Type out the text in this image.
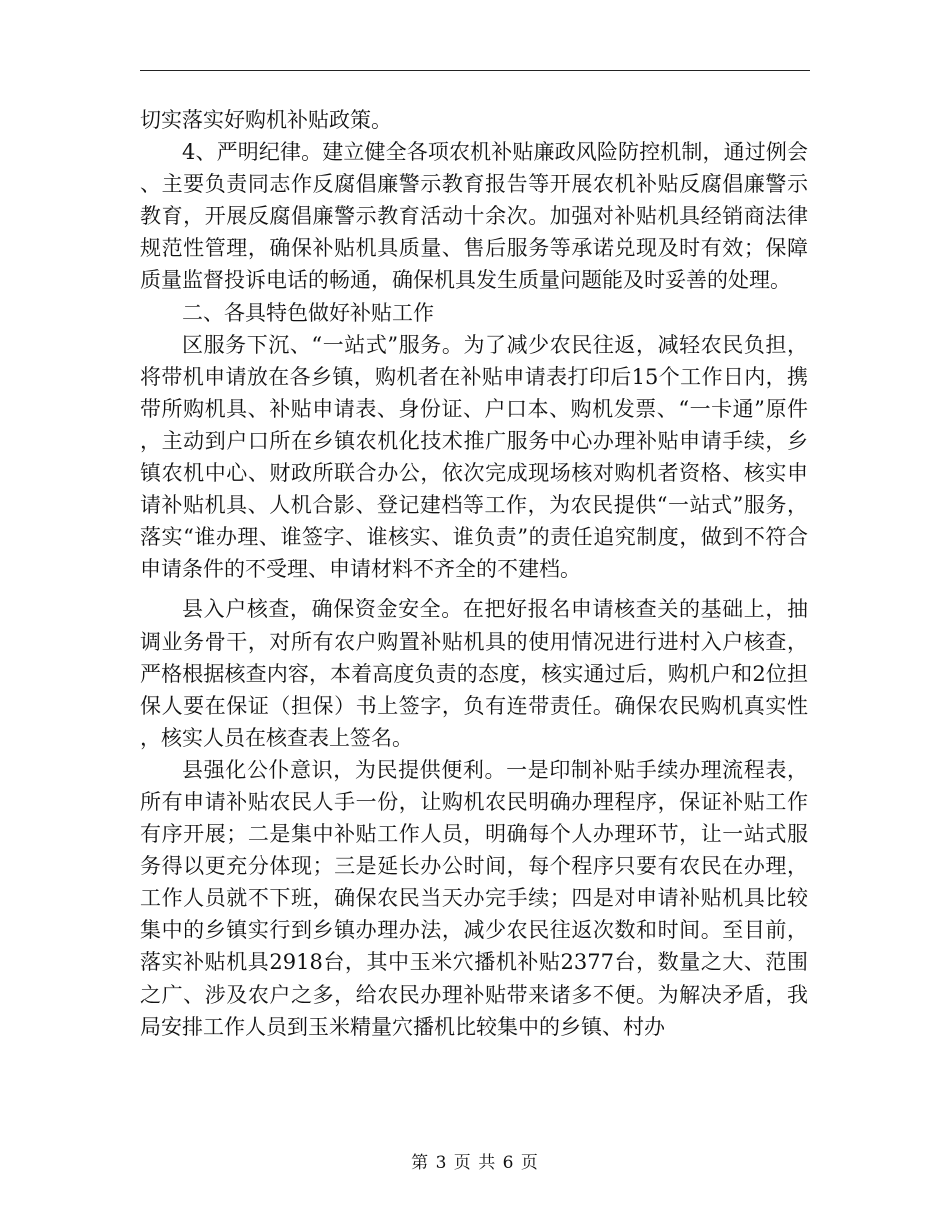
切实落实好购机补贴政策。

4、严明纪律。建立健全各项农机补贴廉政风险防控机制，通过例会、主要负责同志作反腐倡廉警示教育报告等开展农机补贴反腐倡廉警示教育，开展反腐倡廉警示教育活动十余次。加强对补贴机具经销商法律规范性管理，确保补贴机具质量、售后服务等承诺兑现及时有效；保障质量监督投诉电话的畅通，确保机具发生质量问题能及时妥善的处理。

二、各具特色做好补贴工作

区服务下沉、“一站式”服务。为了减少农民往返，减轻农民负担，将带机申请放在各乡镇，购机者在补贴申请表打印后15个工作日内，携带所购机具、补贴申请表、身份证、户口本、购机发票、“一卡通”原件，主动到户口所在乡镇农机化技术推广服务中心办理补贴申请手续，乡镇农机中心、财政所联合办公，依次完成现场核对购机者资格、核实申请补贴机具、人机合影、登记建档等工作，为农民提供“一站式”服务，落实“谁办理、谁签字、谁核实、谁负责”的责任追究制度，做到不符合申请条件的不受理、申请材料不齐全的不建档。

县入户核查，确保资金安全。在把好报名申请核查关的基础上，抽调业务骨干，对所有农户购置补贴机具的使用情况进行进村入户核查，严格根据核查内容，本着高度负责的态度，核实通过后，购机户和2位担保人要在保证（担保）书上签字，负有连带责任。确保农民购机真实性，核实人员在核查表上签名。

县强化公仆意识，为民提供便利。一是印制补贴手续办理流程表，所有申请补贴农民人手一份，让购机农民明确办理程序，保证补贴工作有序开展；二是集中补贴工作人员，明确每个人办理环节，让一站式服务得以更充分体现；三是延长办公时间，每个程序只要有农民在办理，工作人员就不下班，确保农民当天办完手续；四是对申请补贴机具比较集中的乡镇实行到乡镇办理办法，减少农民往返次数和时间。至目前，落实补贴机具2918台，其中玉米穴播机补贴2377台，数量之大、范围之广、涉及农户之多，给农民办理补贴带来诸多不便。为解决矛盾，我局安排工作人员到玉米精量穴播机比较集中的乡镇、村办

第 3 页 共 6 页
